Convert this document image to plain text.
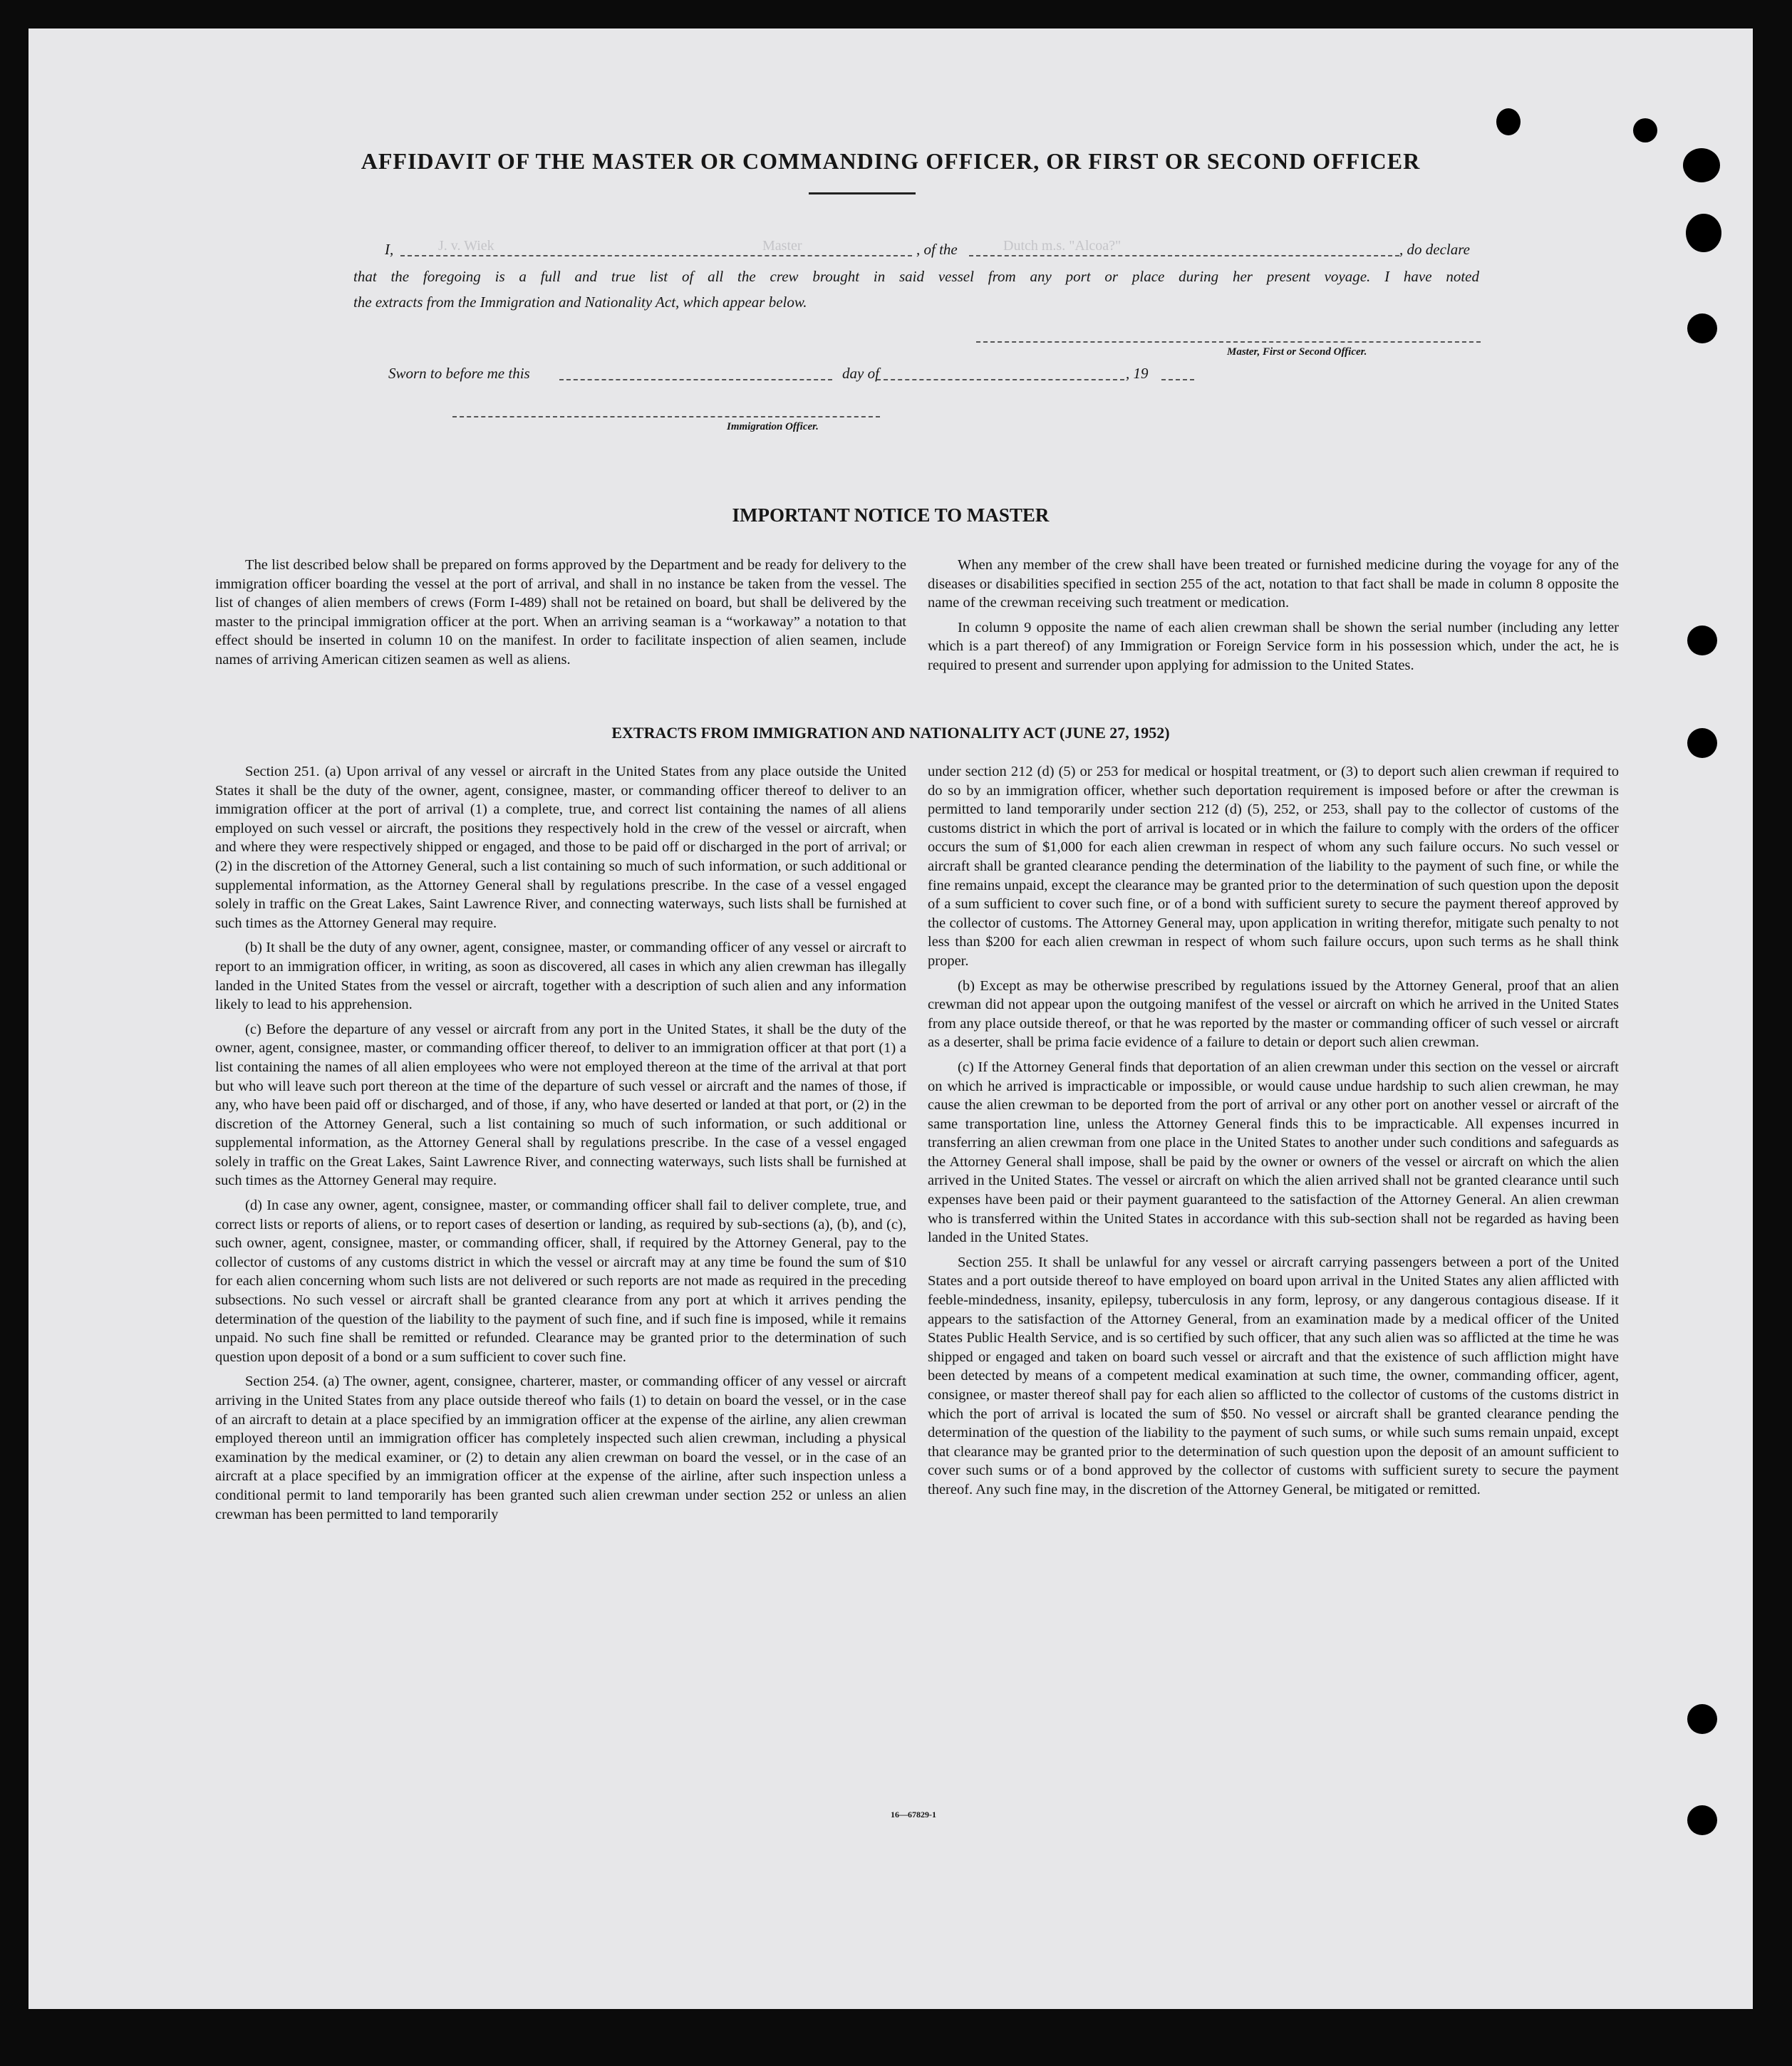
AFFIDAVIT OF THE MASTER OR COMMANDING OFFICER, OR FIRST OR SECOND OFFICER
I,	J. v. Wiek	Master	, of the	Dutch m.s. "Alcoa?"	, do declare
that the foregoing is a full and true list of all the crew brought in said vessel from any port or place during her present voyage. I have noted
the extracts from the Immigration and Nationality Act, which appear below.
Master, First or Second Officer.
Sworn to before me this	day of	, 19
Immigration Officer.
IMPORTANT NOTICE TO MASTER

The list described below shall be prepared on forms approved by the Department and be ready for delivery to the immigration officer boarding the vessel at the port of arrival, and shall in no instance be taken from the vessel. The list of changes of alien members of crews (Form I-489) shall not be retained on board, but shall be delivered by the master to the principal immigration officer at the port. When an arriving seaman is a “workaway” a notation to that effect should be inserted in column 10 on the manifest. In order to facilitate inspection of alien seamen, include names of arriving American citizen seamen as well as aliens.

When any member of the crew shall have been treated or furnished medicine during the voyage for any of the diseases or disabilities specified in section 255 of the act, notation to that fact shall be made in column 8 opposite the name of the crewman receiving such treatment or medication.

In column 9 opposite the name of each alien crewman shall be shown the serial number (including any letter which is a part thereof) of any Immigration or Foreign Service form in his possession which, under the act, he is required to present and surrender upon applying for admission to the United States.

EXTRACTS FROM IMMIGRATION AND NATIONALITY ACT (JUNE 27, 1952)

Section 251. (a) Upon arrival of any vessel or aircraft in the United States from any place outside the United States it shall be the duty of the owner, agent, consignee, master, or commanding officer thereof to deliver to an immigration officer at the port of arrival (1) a complete, true, and correct list containing the names of all aliens employed on such vessel or aircraft, the positions they respectively hold in the crew of the vessel or aircraft, when and where they were respectively shipped or engaged, and those to be paid off or discharged in the port of arrival; or (2) in the discretion of the Attorney General, such a list containing so much of such information, or such additional or supplemental information, as the Attorney General shall by regulations prescribe. In the case of a vessel engaged solely in traffic on the Great Lakes, Saint Lawrence River, and connecting waterways, such lists shall be furnished at such times as the Attorney General may require.

(b) It shall be the duty of any owner, agent, consignee, master, or commanding officer of any vessel or aircraft to report to an immigration officer, in writing, as soon as discovered, all cases in which any alien crewman has illegally landed in the United States from the vessel or aircraft, together with a description of such alien and any information likely to lead to his apprehension.

(c) Before the departure of any vessel or aircraft from any port in the United States, it shall be the duty of the owner, agent, consignee, master, or commanding officer thereof, to deliver to an immigration officer at that port (1) a list containing the names of all alien employees who were not employed thereon at the time of the arrival at that port but who will leave such port thereon at the time of the departure of such vessel or aircraft and the names of those, if any, who have been paid off or discharged, and of those, if any, who have deserted or landed at that port, or (2) in the discretion of the Attorney General, such a list containing so much of such information, or such additional or supplemental information, as the Attorney General shall by regulations prescribe. In the case of a vessel engaged solely in traffic on the Great Lakes, Saint Lawrence River, and connecting waterways, such lists shall be furnished at such times as the Attorney General may require.

(d) In case any owner, agent, consignee, master, or commanding officer shall fail to deliver complete, true, and correct lists or reports of aliens, or to report cases of desertion or landing, as required by sub-sections (a), (b), and (c), such owner, agent, consignee, master, or commanding officer, shall, if required by the Attorney General, pay to the collector of customs of any customs district in which the vessel or aircraft may at any time be found the sum of $10 for each alien concerning whom such lists are not delivered or such reports are not made as required in the preceding subsections. No such vessel or aircraft shall be granted clearance from any port at which it arrives pending the determination of the question of the liability to the payment of such fine, and if such fine is imposed, while it remains unpaid. No such fine shall be remitted or refunded. Clearance may be granted prior to the determination of such question upon deposit of a bond or a sum sufficient to cover such fine.

Section 254. (a) The owner, agent, consignee, charterer, master, or commanding officer of any vessel or aircraft arriving in the United States from any place outside thereof who fails (1) to detain on board the vessel, or in the case of an aircraft to detain at a place specified by an immigration officer at the expense of the airline, any alien crewman employed thereon until an immigration officer has completely inspected such alien crewman, including a physical examination by the medical examiner, or (2) to detain any alien crewman on board the vessel, or in the case of an aircraft at a place specified by an immigration officer at the expense of the airline, after such inspection unless a conditional permit to land temporarily has been granted such alien crewman under section 252 or unless an alien crewman has been permitted to land temporarily

under section 212 (d) (5) or 253 for medical or hospital treatment, or (3) to deport such alien crewman if required to do so by an immigration officer, whether such deportation requirement is imposed before or after the crewman is permitted to land temporarily under section 212 (d) (5), 252, or 253, shall pay to the collector of customs of the customs district in which the port of arrival is located or in which the failure to comply with the orders of the officer occurs the sum of $1,000 for each alien crewman in respect of whom any such failure occurs. No such vessel or aircraft shall be granted clearance pending the determination of the liability to the payment of such fine, or while the fine remains unpaid, except the clearance may be granted prior to the determination of such question upon the deposit of a sum sufficient to cover such fine, or of a bond with sufficient surety to secure the payment thereof approved by the collector of customs. The Attorney General may, upon application in writing therefor, mitigate such penalty to not less than $200 for each alien crewman in respect of whom such failure occurs, upon such terms as he shall think proper.

(b) Except as may be otherwise prescribed by regulations issued by the Attorney General, proof that an alien crewman did not appear upon the outgoing manifest of the vessel or aircraft on which he arrived in the United States from any place outside thereof, or that he was reported by the master or commanding officer of such vessel or aircraft as a deserter, shall be prima facie evidence of a failure to detain or deport such alien crewman.

(c) If the Attorney General finds that deportation of an alien crewman under this section on the vessel or aircraft on which he arrived is impracticable or impossible, or would cause undue hardship to such alien crewman, he may cause the alien crewman to be deported from the port of arrival or any other port on another vessel or aircraft of the same transportation line, unless the Attorney General finds this to be impracticable. All expenses incurred in transferring an alien crewman from one place in the United States to another under such conditions and safeguards as the Attorney General shall impose, shall be paid by the owner or owners of the vessel or aircraft on which the alien arrived in the United States. The vessel or aircraft on which the alien arrived shall not be granted clearance until such expenses have been paid or their payment guaranteed to the satisfaction of the Attorney General. An alien crewman who is transferred within the United States in accordance with this sub-section shall not be regarded as having been landed in the United States.

Section 255. It shall be unlawful for any vessel or aircraft carrying passengers between a port of the United States and a port outside thereof to have employed on board upon arrival in the United States any alien afflicted with feeble-mindedness, insanity, epilepsy, tuberculosis in any form, leprosy, or any dangerous contagious disease. If it appears to the satisfaction of the Attorney General, from an examination made by a medical officer of the United States Public Health Service, and is so certified by such officer, that any such alien was so afflicted at the time he was shipped or engaged and taken on board such vessel or aircraft and that the existence of such affliction might have been detected by means of a competent medical examination at such time, the owner, commanding officer, agent, consignee, or master thereof shall pay for each alien so afflicted to the collector of customs of the customs district in which the port of arrival is located the sum of $50. No vessel or aircraft shall be granted clearance pending the determination of the question of the liability to the payment of such sums, or while such sums remain unpaid, except that clearance may be granted prior to the determination of such question upon the deposit of an amount sufficient to cover such sums or of a bond approved by the collector of customs with sufficient surety to secure the payment thereof. Any such fine may, in the discretion of the Attorney General, be mitigated or remitted.

16—67829-1
